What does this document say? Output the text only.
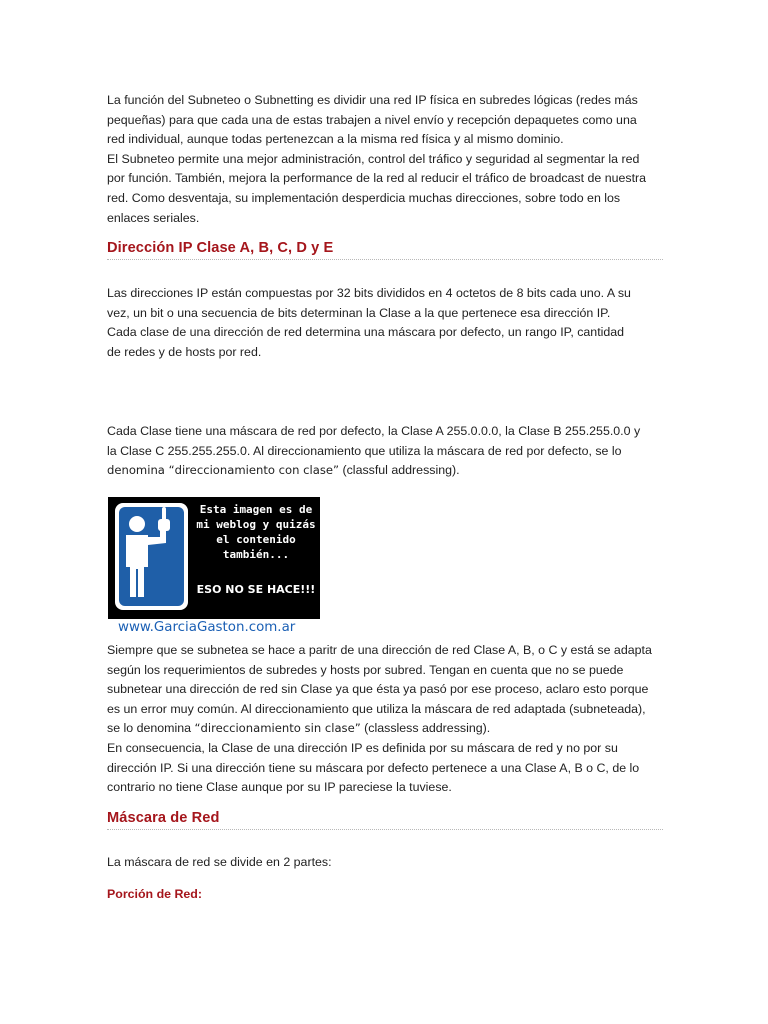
La función del Subneteo o Subnetting es dividir una red IP física en subredes lógicas (redes más
pequeñas) para que cada una de estas trabajen a nivel envío y recepción depaquetes como una
red individual, aunque todas pertenezcan a la misma red física y al mismo dominio.
El Subneteo permite una mejor administración, control del tráfico y seguridad al segmentar la red
por función. También, mejora la performance de la red al reducir el tráfico de broadcast de nuestra
red. Como desventaja, su implementación desperdicia muchas direcciones, sobre todo en los
enlaces seriales.

Dirección IP Clase A, B, C, D y E

Las direcciones IP están compuestas por 32 bits divididos en 4 octetos de 8 bits cada uno. A su
vez, un bit o una secuencia de bits determinan la Clase a la que pertenece esa dirección IP.
Cada clase de una dirección de red determina una máscara por defecto, un rango IP, cantidad
de redes y de hosts por red.

Cada Clase tiene una máscara de red por defecto, la Clase A 255.0.0.0, la Clase B 255.255.0.0 y
la Clase C 255.255.255.0. Al direccionamiento que utiliza la máscara de red por defecto, se lo
denomina “direccionamiento con clase” (classful addressing).

Esta imagen es de
mi weblog y quizás
el contenido
también...
ESO NO SE HACE!!!
www.GarciaGaston.com.ar

Siempre que se subnetea se hace a paritr de una dirección de red Clase A, B, o C y está se adapta
según los requerimientos de subredes y hosts por subred. Tengan en cuenta que no se puede
subnetear una dirección de red sin Clase ya que ésta ya pasó por ese proceso, aclaro esto porque
es un error muy común. Al direccionamiento que utiliza la máscara de red adaptada (subneteada),
se lo denomina “direccionamiento sin clase” (classless addressing).
En consecuencia, la Clase de una dirección IP es definida por su máscara de red y no por su
dirección IP. Si una dirección tiene su máscara por defecto pertenece a una Clase A, B o C, de lo
contrario no tiene Clase aunque por su IP pareciese la tuviese.

Máscara de Red

La máscara de red se divide en 2 partes:

Porción de Red:
